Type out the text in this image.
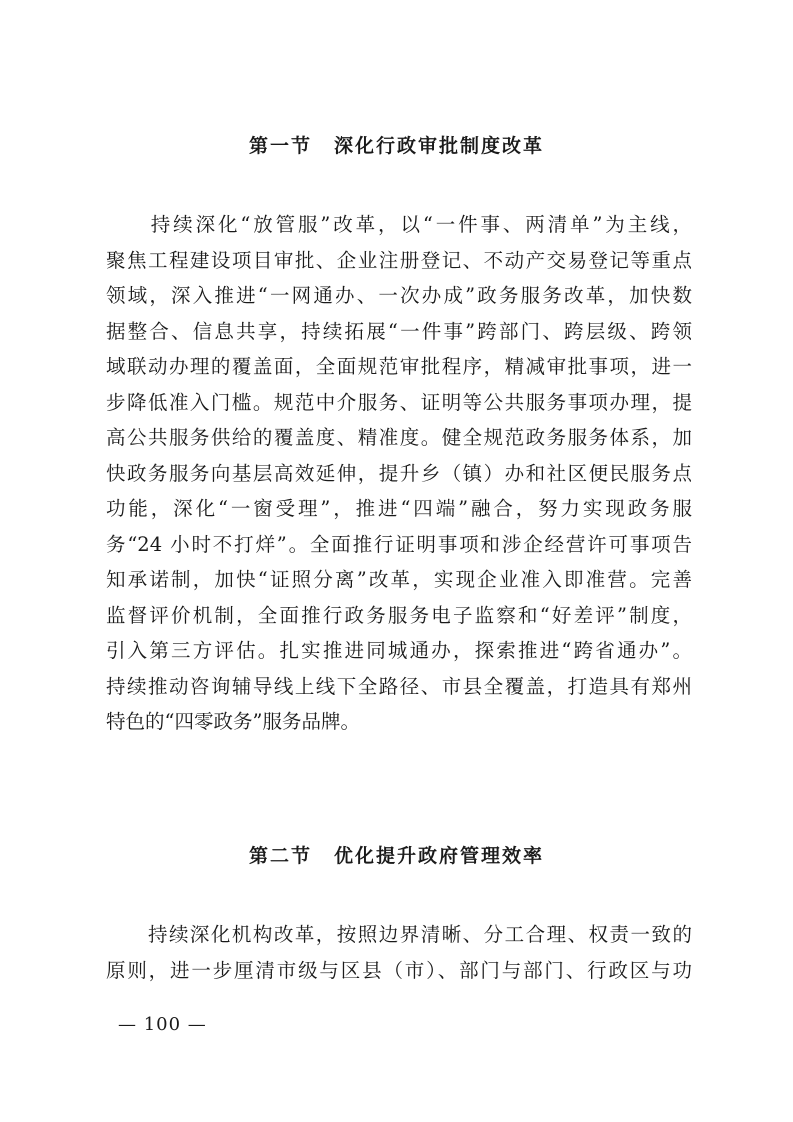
第一节 深化行政审批制度改革
　　持续深化“放管服”改革，以“一件事、两清单”为主线，
聚焦工程建设项目审批、企业注册登记、不动产交易登记等重点
领域，深入推进“一网通办、一次办成”政务服务改革，加快数
据整合、信息共享，持续拓展“一件事”跨部门、跨层级、跨领
域联动办理的覆盖面，全面规范审批程序，精减审批事项，进一
步降低准入门槛。规范中介服务、证明等公共服务事项办理，提
高公共服务供给的覆盖度、精准度。健全规范政务服务体系，加
快政务服务向基层高效延伸，提升乡（镇）办和社区便民服务点
功能，深化“一窗受理”，推进“四端”融合，努力实现政务服
务“24 小时不打烊”。全面推行证明事项和涉企经营许可事项告
知承诺制，加快“证照分离”改革，实现企业准入即准营。完善
监督评价机制，全面推行政务服务电子监察和“好差评”制度，
引入第三方评估。扎实推进同城通办，探索推进“跨省通办”。
持续推动咨询辅导线上线下全路径、市县全覆盖，打造具有郑州
特色的“四零政务”服务品牌。
第二节 优化提升政府管理效率
　　持续深化机构改革，按照边界清晰、分工合理、权责一致的
原则，进一步厘清市级与区县（市）、部门与部门、行政区与功
— 100 —
